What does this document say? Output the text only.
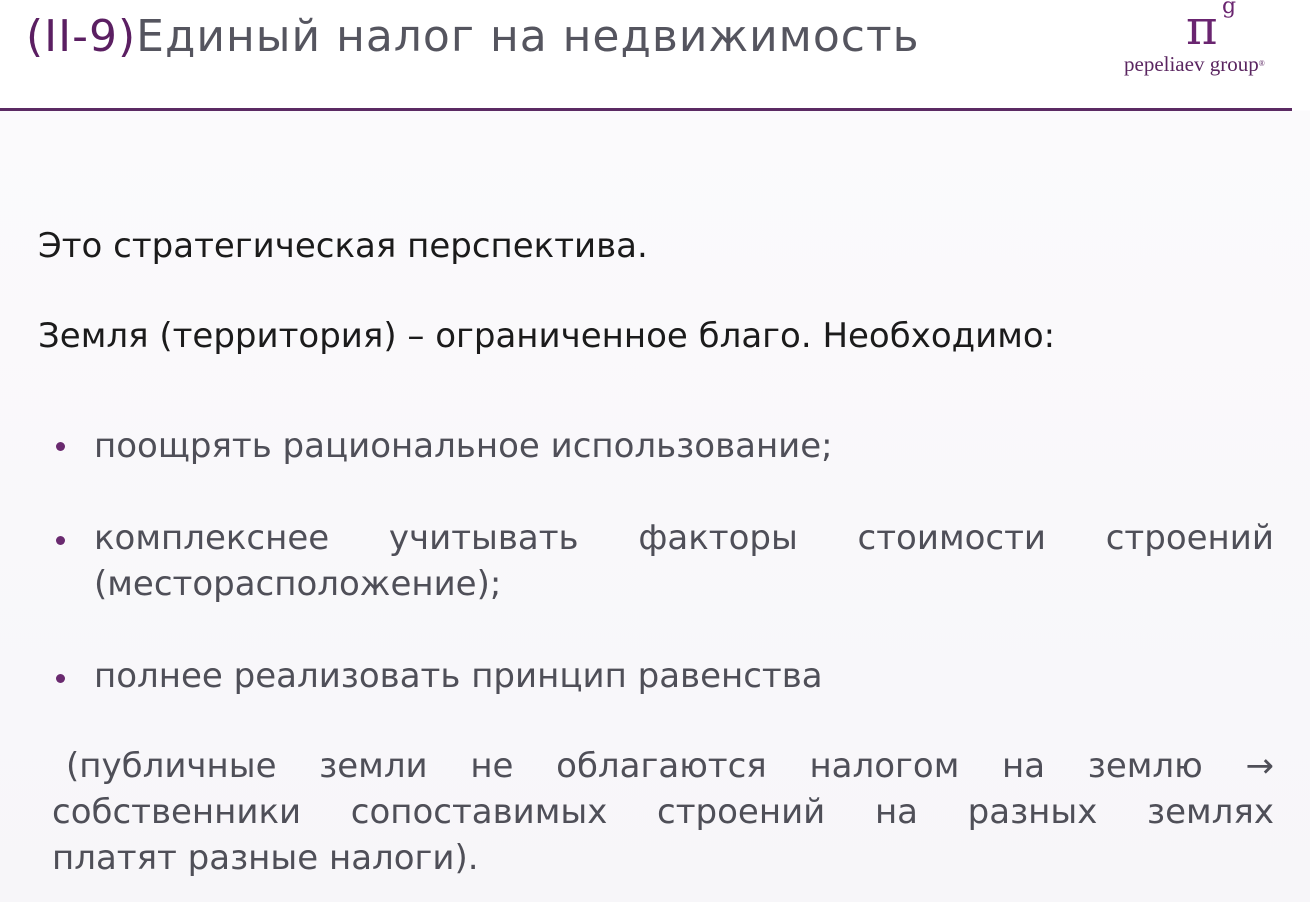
(II-9)Единый налог на недвижимость	π g
pepeliaev group®
Это стратегическая перспектива.
Земля (территория) – ограниченное благо. Необходимо:
поощрять рациональное использование;
комплекснее учитывать факторы стоимости строений
(месторасположение);
полнее реализовать принцип равенства
(публичные земли не облагаются налогом на землю →
собственники сопоставимых строений на разных землях
платят разные налоги).
